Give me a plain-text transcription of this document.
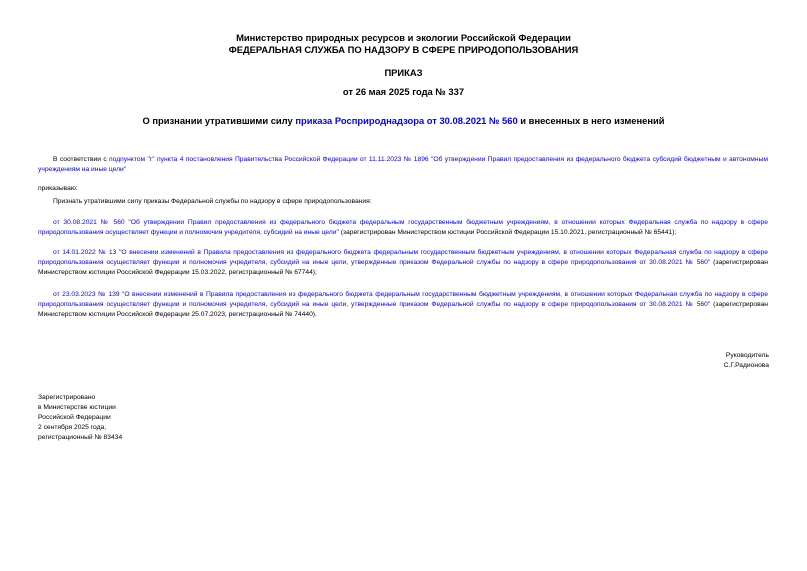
Министерство природных ресурсов и экологии Российской Федерации
ФЕДЕРАЛЬНАЯ СЛУЖБА ПО НАДЗОРУ В СФЕРЕ ПРИРОДОПОЛЬЗОВАНИЯ
ПРИКАЗ
от 26 мая 2025 года № 337
О признании утратившими силу приказа Росприроднадзора от 30.08.2021 № 560 и внесенных в него изменений
В соответствии с подпунктом "г" пункта 4 постановления Правительства Российской Федерации от 11.11.2023 № 1896 "Об утверждении Правил предоставления из федерального бюджета субсидий бюджетным и автономным учреждениям на иные цели"
приказываю:
Признать утратившими силу приказы Федеральной службы по надзору в сфере природопользования:
от 30.08.2021 № 560 "Об утверждении Правил предоставления из федерального бюджета федеральным государственным бюджетным учреждениям, в отношении которых Федеральная служба по надзору в сфере природопользования осуществляет функции и полномочия учредителя, субсидий на иные цели" (зарегистрирован Министерством юстиции Российской Федерации 15.10.2021, регистрационный № 65441);
от 14.01.2022 № 13 "О внесении изменений в Правила предоставления из федерального бюджета федеральным государственным бюджетным учреждениям, в отношении которых Федеральная служба по надзору в сфере природопользования осуществляет функции и полномочия учредителя, субсидий на иные цели, утвержденные приказом Федеральной службы по надзору в сфере природопользования от 30.08.2021 № 560" (зарегистрирован Министерством юстиции Российской Федерации 15.03.2022, регистрационный № 67744);
от 23.03.2023 № 139 "О внесении изменений в Правила предоставления из федерального бюджета федеральным государственным бюджетным учреждениям, в отношении которых Федеральная служба по надзору в сфере природопользования осуществляет функции и полномочия учредителя, субсидий на иные цели, утвержденные приказом Федеральной службы по надзору в сфере природопользования от 30.08.2021 № 560" (зарегистрирован Министерством юстиции Российской Федерации 25.07.2023, регистрационный № 74440).
Руководитель
С.Г.Радионова
Зарегистрировано
в Министерстве юстиции
Российской Федерации
2 сентября 2025 года,
регистрационный № 83434
